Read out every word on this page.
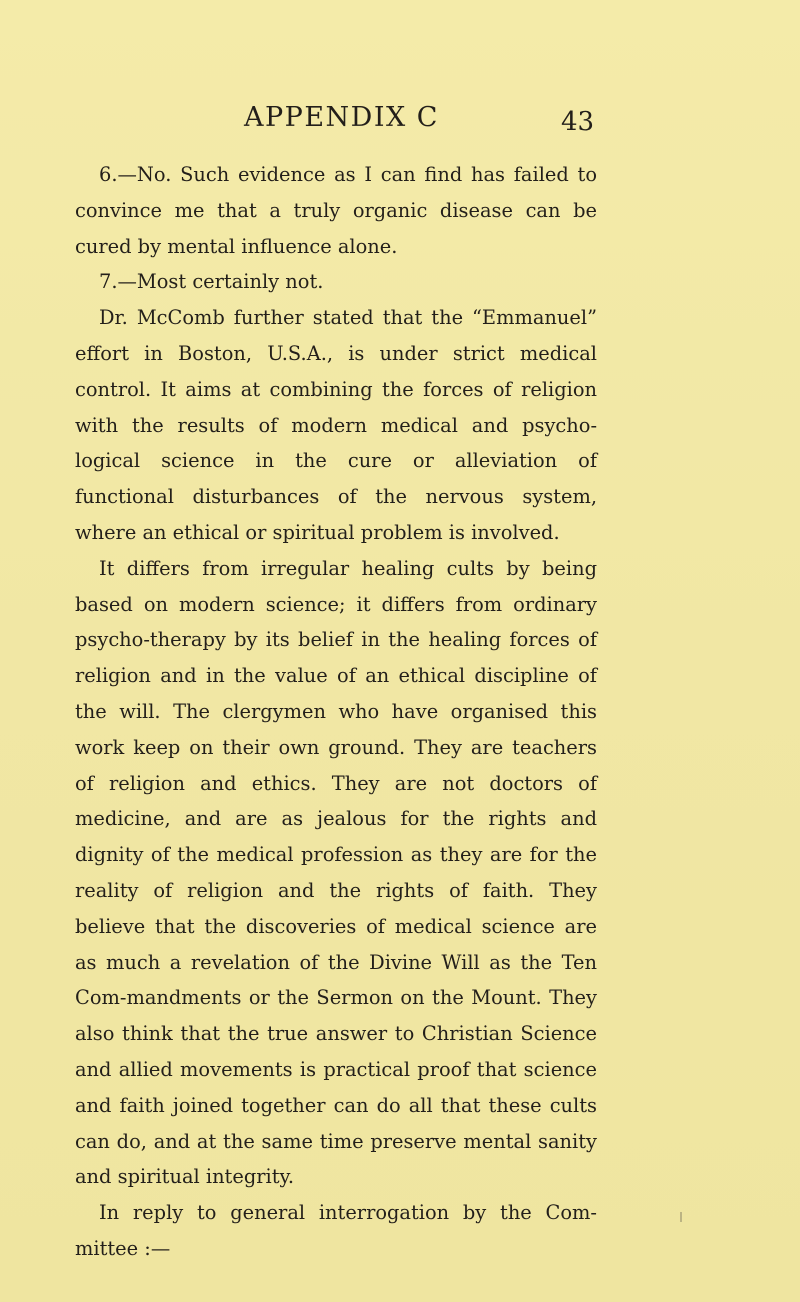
APPENDIX C	43

6.—No. Such evidence as I can find has failed to convince me that a truly organic disease can be cured by mental influence alone.

7.—Most certainly not.

Dr. McComb further stated that the “Emmanuel” effort in Boston, U.S.A., is under strict medical control. It aims at combining the forces of religion with the results of modern medical and psycho-logical science in the cure or alleviation of functional disturbances of the nervous system, where an ethical or spiritual problem is involved.

It differs from irregular healing cults by being based on modern science; it differs from ordinary psycho-therapy by its belief in the healing forces of religion and in the value of an ethical discipline of the will. The clergymen who have organised this work keep on their own ground. They are teachers of religion and ethics. They are not doctors of medicine, and are as jealous for the rights and dignity of the medical profession as they are for the reality of religion and the rights of faith. They believe that the discoveries of medical science are as much a revelation of the Divine Will as the Ten Com-mandments or the Sermon on the Mount. They also think that the true answer to Christian Science and allied movements is practical proof that science and faith joined together can do all that these cults can do, and at the same time preserve mental sanity and spiritual integrity.

In reply to general interrogation by the Com-mittee :—
